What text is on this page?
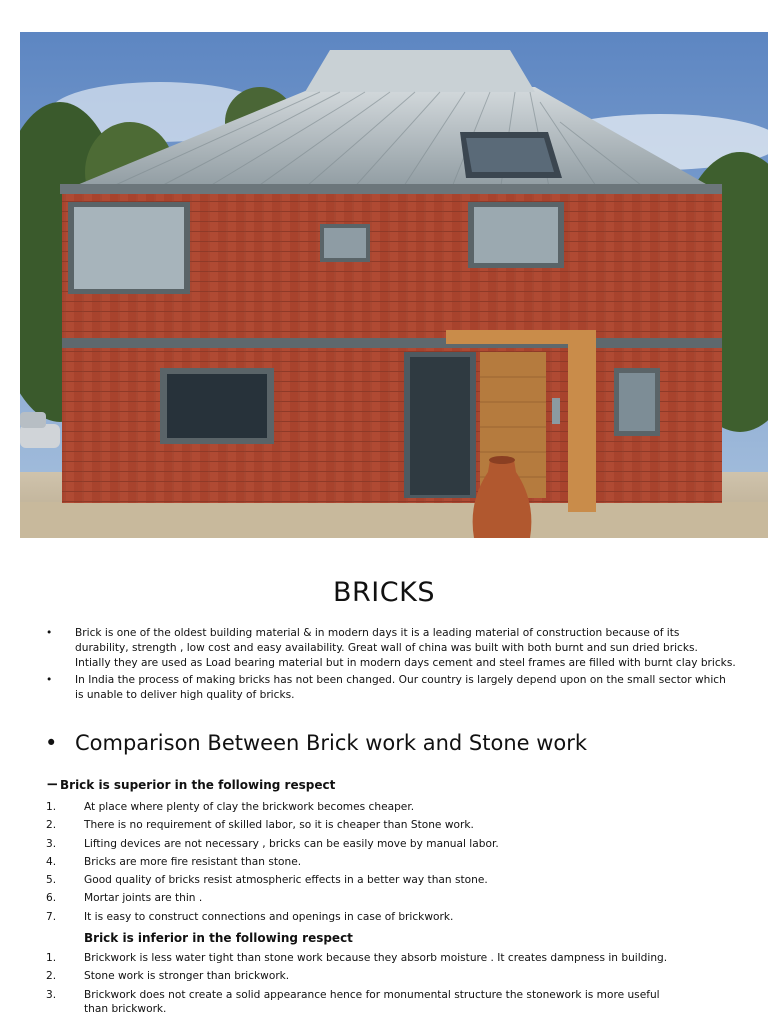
BRICKS
• Brick is one of the oldest building material & in modern days it is a leading material of construction because of its durability, strength , low cost and easy availability. Great wall of china was built with both burnt and sun dried bricks. Intially they are used as Load bearing material but in modern days cement and steel frames are filled with burnt clay bricks.
• In India the process of making bricks has not been changed. Our country is largely depend upon on the small sector which is unable to deliver high quality of bricks.
• Comparison Between Brick work and Stone work
−Brick is superior in the following respect
1.	At place where plenty of clay the brickwork becomes cheaper.
2.	There is no requirement of skilled labor, so it is cheaper than Stone work.
3.	Lifting devices are not necessary , bricks can be easily move by manual labor.
4.	Bricks are more fire resistant than stone.
5.	Good quality of bricks resist atmospheric effects in a better way than stone.
6.	Mortar joints are thin .
7.	It is easy to construct connections and openings in case of brickwork.
Brick is inferior in the following respect
1.	Brickwork is less water tight than stone work because they absorb moisture . It creates dampness in building.
2.	Stone work is stronger than brickwork.
3.	Brickwork does not create a solid appearance hence for monumental structure the stonework is more useful than brickwork.
